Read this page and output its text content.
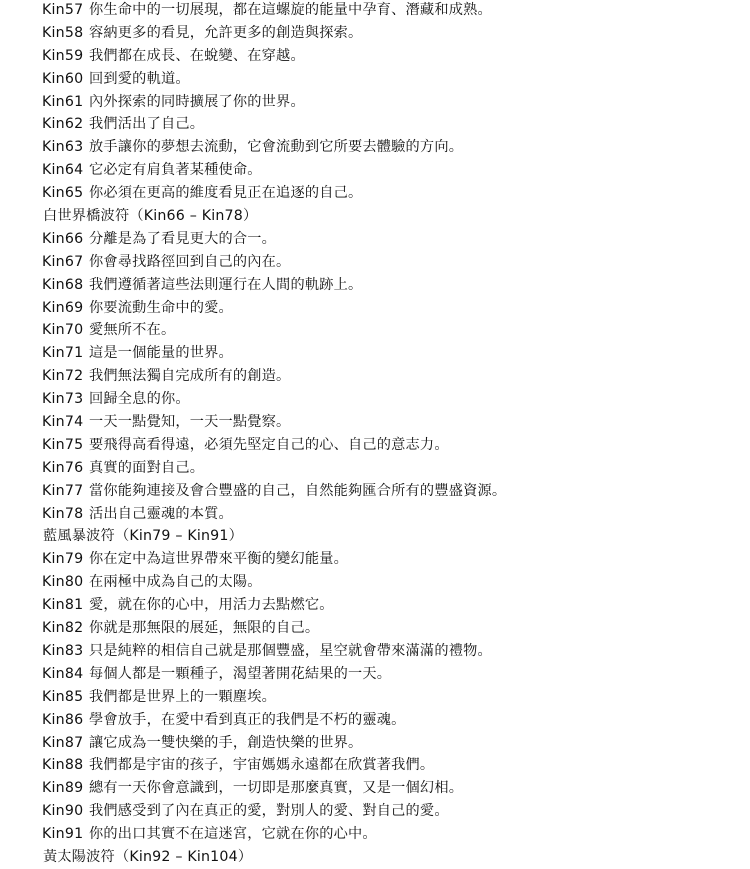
Kin57 你生命中的一切展現，都在這螺旋的能量中孕育、潛藏和成熟。
Kin58 容納更多的看見，允許更多的創造與探索。
Kin59 我們都在成長、在蛻變、在穿越。
Kin60 回到愛的軌道。
Kin61 內外探索的同時擴展了你的世界。
Kin62 我們活出了自己。
Kin63 放手讓你的夢想去流動，它會流動到它所要去體驗的方向。
Kin64 它必定有肩負著某種使命。
Kin65 你必須在更高的維度看見正在追逐的自己。
白世界橋波符（Kin66 – Kin78）
Kin66 分離是為了看見更大的合一。
Kin67 你會尋找路徑回到自己的內在。
Kin68 我們遵循著這些法則運行在人間的軌跡上。
Kin69 你要流動生命中的愛。
Kin70 愛無所不在。
Kin71 這是一個能量的世界。
Kin72 我們無法獨自完成所有的創造。
Kin73 回歸全息的你。
Kin74 一天一點覺知，一天一點覺察。
Kin75 要飛得高看得遠，必須先堅定自己的心、自己的意志力。
Kin76 真實的面對自己。
Kin77 當你能夠連接及會合豐盛的自己，自然能夠匯合所有的豐盛資源。
Kin78 活出自己靈魂的本質。
藍風暴波符（Kin79 – Kin91）
Kin79 你在定中為這世界帶來平衡的變幻能量。
Kin80 在兩極中成為自己的太陽。
Kin81 愛，就在你的心中，用活力去點燃它。
Kin82 你就是那無限的展延，無限的自己。
Kin83 只是純粹的相信自己就是那個豐盛，星空就會帶來滿滿的禮物。
Kin84 每個人都是一顆種子，渴望著開花結果的一天。
Kin85 我們都是世界上的一顆塵埃。
Kin86 學會放手，在愛中看到真正的我們是不朽的靈魂。
Kin87 讓它成為一雙快樂的手，創造快樂的世界。
Kin88 我們都是宇宙的孩子，宇宙媽媽永遠都在欣賞著我們。
Kin89 總有一天你會意識到，一切即是那麼真實，又是一個幻相。
Kin90 我們感受到了內在真正的愛，對別人的愛、對自己的愛。
Kin91 你的出口其實不在這迷宮，它就在你的心中。
黃太陽波符（Kin92 – Kin104）
